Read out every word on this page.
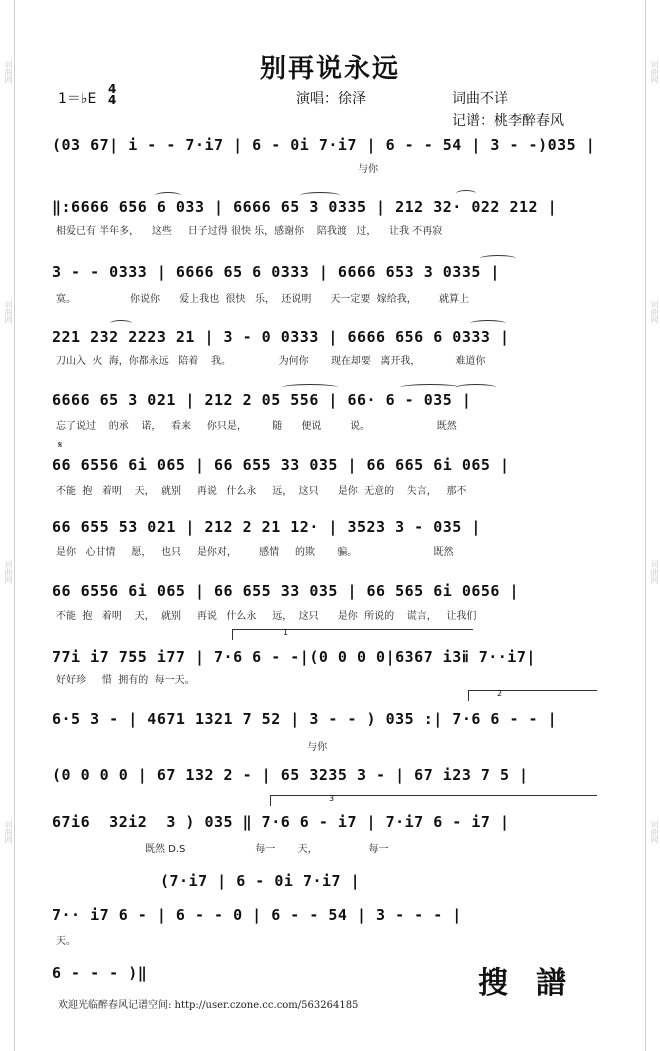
词曲网
词曲网
词曲网
词曲网
词曲网
词曲网
词曲网
词曲网
别再说永远
1＝♭E
4
4	演唱：徐泽	词曲不详
记谱：桃李醉春风
(03 67| i - - 7·i7 | 6 - 0i 7·i7 | 6 - - 54 | 3 - -)035 |
与你
‖:6666 656 6 033 | 6666 65 3 0335 | 212 32· 022 212 |
相爱已有 半年多，    这些     日子过得 很快 乐，感谢你    陪我渡   过，    让我 不再寂
3 - - 0333 | 6666 65 6 0333 | 6666 653 3 0335 |
寞。                 你说你      爱上我也  很快   乐，  还说明      天一定要  嫁给我，       就算上
221 232 2223 21 | 3 - 0 0333 | 6666 656 6 0333 |
刀山入  火  海，你都永远   陪着    我。               为何你       现在却要   离开我，           难道你
6666 65 3 021 | 212 2 05 556 | 66· 6 - 035 |
忘了说过    的承    诺，   看来     你只是，        随      便说         说。                     既然
𝄋
66 6556 6i 065 | 66 655 33 035 | 66 665 6i 065 |
不能  抱   着明    天，  就别     再说   什么永     远，  这只      是你  无意的    失言，   那不
66 655 53 021 | 212 2 21 12· | 3523 3 - 035 |
是你   心甘情     愿，   也只     是你对，       感情     的欺       骗。                        既然
66 6556 6i 065 | 66 655 33 035 | 66 565 6i 0656 |
不能  抱   着明    天，  就别     再说   什么永     远，  这只      是你  所说的    谎言，   让我们
1
77i i7 755 i77 | 7·6 6 - -|(0 0 0 0|6367 i3ⅱ 7··i7|
好好珍     惜  拥有的  每一天。
2
6·5 3 - | 4671 1321 7 52 | 3 - - ) 035 :| 7·6 6 - - |
与你
(0 0 0 0 | 67 132 2 - | 65 3235 3 - | 67 i23 7 5 |
3
67i6  32i2  3 ) 035 ‖ 7·6 6 - i7 | 7·i7 6 - i7 |
既然 D.S                      每一       天，                每一
(7·i7 | 6 - 0i 7·i7 |
7·· i7 6 - | 6 - - 0 | 6 - - 54 | 3 - - - |
天。
6 - - - )‖	搜譜
欢迎光临醉春风记谱空间: http://user.czone.cc.com/563264185
